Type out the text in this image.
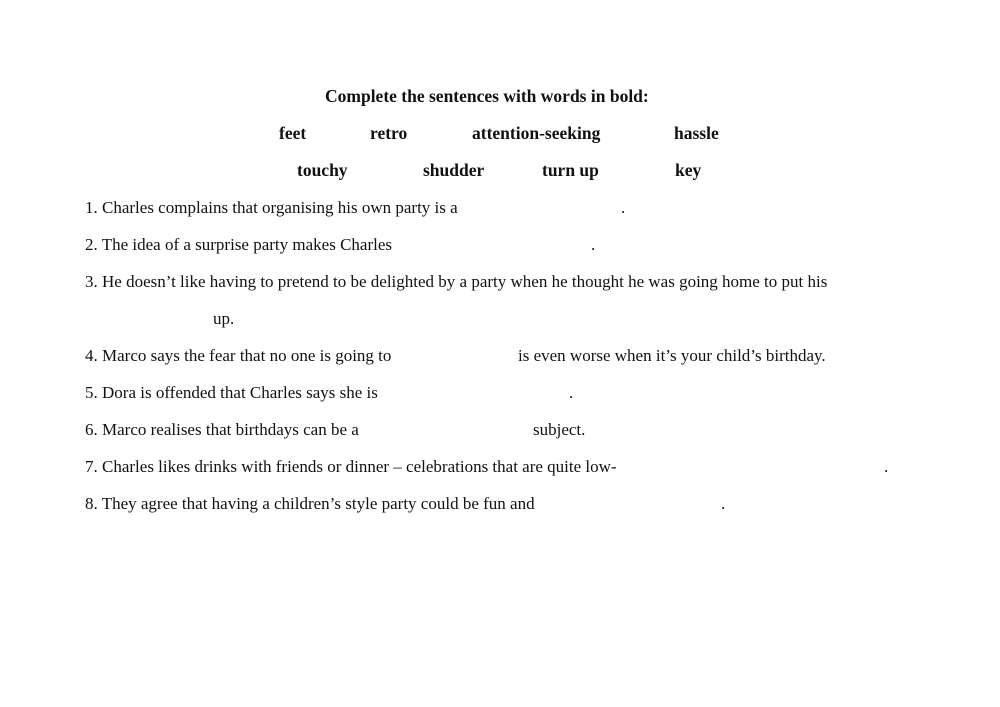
Complete the sentences with words in bold:
feet	retro	attention-seeking	hassle
touchy	shudder	turn up	key
1. Charles complains that organising his own party is a	.
2. The idea of a surprise party makes Charles	.
3. He doesn’t like having to pretend to be delighted by a party when he thought he was going home to put his
up.
4. Marco says the fear that no one is going to	is even worse when it’s your child’s birthday.
5. Dora is offended that Charles says she is	.
6. Marco realises that birthdays can be a	subject.
7. Charles likes drinks with friends or dinner – celebrations that are quite low-	.
8. They agree that having a children’s style party could be fun and	.
